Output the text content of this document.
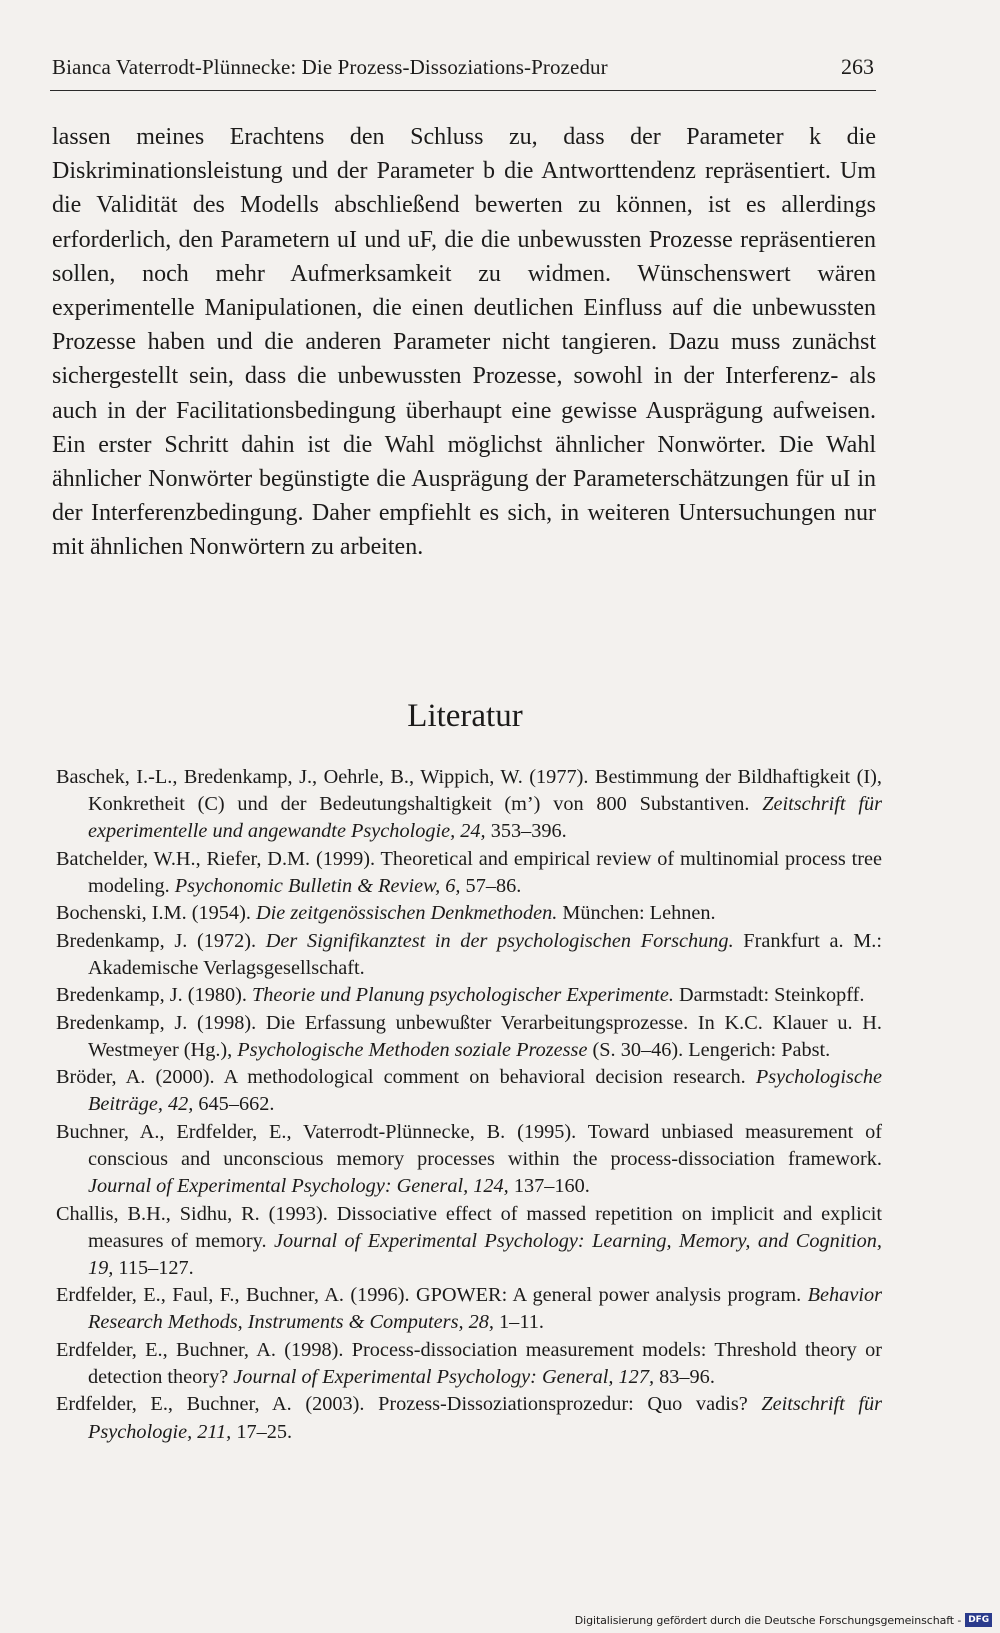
Bianca Vaterrodt-Plünnecke: Die Prozess-Dissoziations-Prozedur	263

lassen meines Erachtens den Schluss zu, dass der Parameter k die Diskriminationsleistung und der Parameter b die Antworttendenz repräsentiert. Um die Validität des Modells abschließend bewerten zu können, ist es allerdings erforderlich, den Parametern uI und uF, die die unbewussten Prozesse repräsentieren sollen, noch mehr Aufmerksamkeit zu widmen. Wünschenswert wären experimentelle Manipulationen, die einen deutlichen Einfluss auf die unbewussten Prozesse haben und die anderen Parameter nicht tangieren. Dazu muss zunächst sichergestellt sein, dass die unbewussten Prozesse, sowohl in der Interferenz- als auch in der Facilitationsbedingung überhaupt eine gewisse Ausprägung aufweisen. Ein erster Schritt dahin ist die Wahl möglichst ähnlicher Nonwörter. Die Wahl ähnlicher Nonwörter begünstigte die Ausprägung der Parameterschätzungen für uI in der Interferenzbedingung. Daher empfiehlt es sich, in weiteren Untersuchungen nur mit ähnlichen Nonwörtern zu arbeiten.

Literatur

Baschek, I.-L., Bredenkamp, J., Oehrle, B., Wippich, W. (1977). Bestimmung der Bildhaftigkeit (I), Konkretheit (C) und der Bedeutungshaltigkeit (m’) von 800 Substantiven. Zeitschrift für experimentelle und angewandte Psychologie, 24, 353–396.

Batchelder, W.H., Riefer, D.M. (1999). Theoretical and empirical review of multinomial process tree modeling. Psychonomic Bulletin & Review, 6, 57–86.

Bochenski, I.M. (1954). Die zeitgenössischen Denkmethoden. München: Lehnen.

Bredenkamp, J. (1972). Der Signifikanztest in der psychologischen Forschung. Frankfurt a. M.: Akademische Verlagsgesellschaft.

Bredenkamp, J. (1980). Theorie und Planung psychologischer Experimente. Darmstadt: Steinkopff.

Bredenkamp, J. (1998). Die Erfassung unbewußter Verarbeitungsprozesse. In K.C. Klauer u. H. Westmeyer (Hg.), Psychologische Methoden soziale Prozesse (S. 30–46). Lengerich: Pabst.

Bröder, A. (2000). A methodological comment on behavioral decision research. Psychologische Beiträge, 42, 645–662.

Buchner, A., Erdfelder, E., Vaterrodt-Plünnecke, B. (1995). Toward unbiased measurement of conscious and unconscious memory processes within the process-dissociation framework. Journal of Experimental Psychology: General, 124, 137–160.

Challis, B.H., Sidhu, R. (1993). Dissociative effect of massed repetition on implicit and explicit measures of memory. Journal of Experimental Psychology: Learning, Memory, and Cognition, 19, 115–127.

Erdfelder, E., Faul, F., Buchner, A. (1996). GPOWER: A general power analysis program. Behavior Research Methods, Instruments & Computers, 28, 1–11.

Erdfelder, E., Buchner, A. (1998). Process-dissociation measurement models: Threshold theory or detection theory? Journal of Experimental Psychology: General, 127, 83–96.

Erdfelder, E., Buchner, A. (2003). Prozess-Dissoziationsprozedur: Quo vadis? Zeitschrift für Psychologie, 211, 17–25.

Digitalisierung gefördert durch die Deutsche Forschungsgemeinschaft - DFG
